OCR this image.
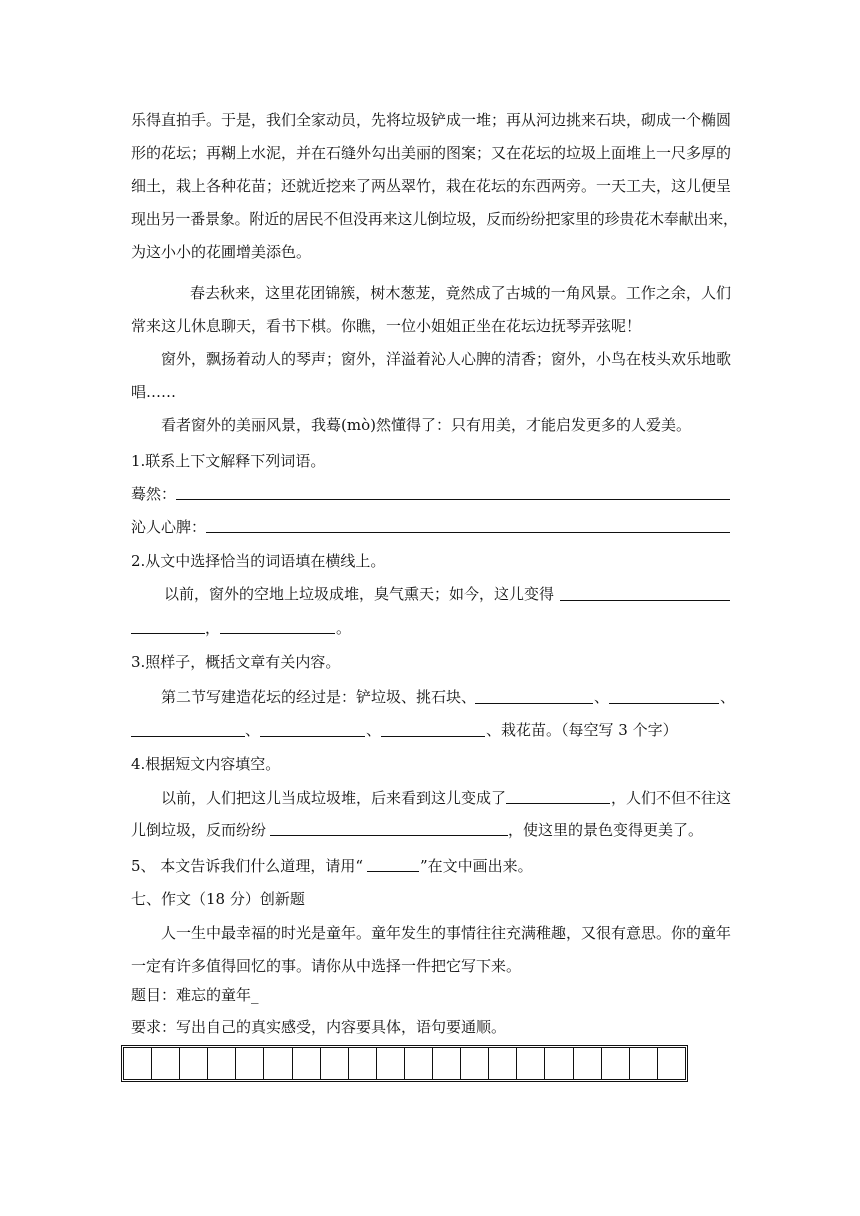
乐得直拍手。于是，我们全家动员，先将垃圾铲成一堆；再从河边挑来石块，砌成一个椭圆
形的花坛；再糊上水泥，并在石缝外勾出美丽的图案；又在花坛的垃圾上面堆上一尺多厚的
细土，栽上各种花苗；还就近挖来了两丛翠竹，栽在花坛的东西两旁。一天工夫，这儿便呈
现出另一番景象。附近的居民不但没再来这儿倒垃圾，反而纷纷把家里的珍贵花木奉献出来，
为这小小的花圃增美添色。
春去秋来，这里花团锦簇，树木葱茏，竟然成了古城的一角风景。工作之余，人们
常来这儿休息聊天，看书下棋。你瞧，一位小姐姐正坐在花坛边抚琴弄弦呢！
窗外，飘扬着动人的琴声；窗外，洋溢着沁人心脾的清香；窗外，小鸟在枝头欢乐地歌
唱……
看者窗外的美丽风景，我蓦(mò)然懂得了：只有用美，才能启发更多的人爱美。
1.联系上下文解释下列词语。
蓦然：
沁人心脾：
2.从文中选择恰当的词语填在横线上。
以前，窗外的空地上垃圾成堆，臭气熏天；如今，这儿变得
，	。
3.照样子，概括文章有关内容。
第二节写建造花坛的经过是：铲垃圾、挑石块、	、	、
、	、	、栽花苗。（每空写 3 个字）
4.根据短文内容填空。
以前，人们把这儿当成垃圾堆，后来看到这儿变成了	，人们不但不往这
儿倒垃圾，反而纷纷	，使这里的景色变得更美了。
5、 本文告诉我们什么道理，请用“	”在文中画出来。
七、作文（18 分）创新题
人一生中最幸福的时光是童年。童年发生的事情往往充满稚趣，又很有意思。你的童年
一定有许多值得回忆的事。请你从中选择一件把它写下来。
题目：难忘的童年_
要求：写出自己的真实感受，内容要具体，语句要通顺。
